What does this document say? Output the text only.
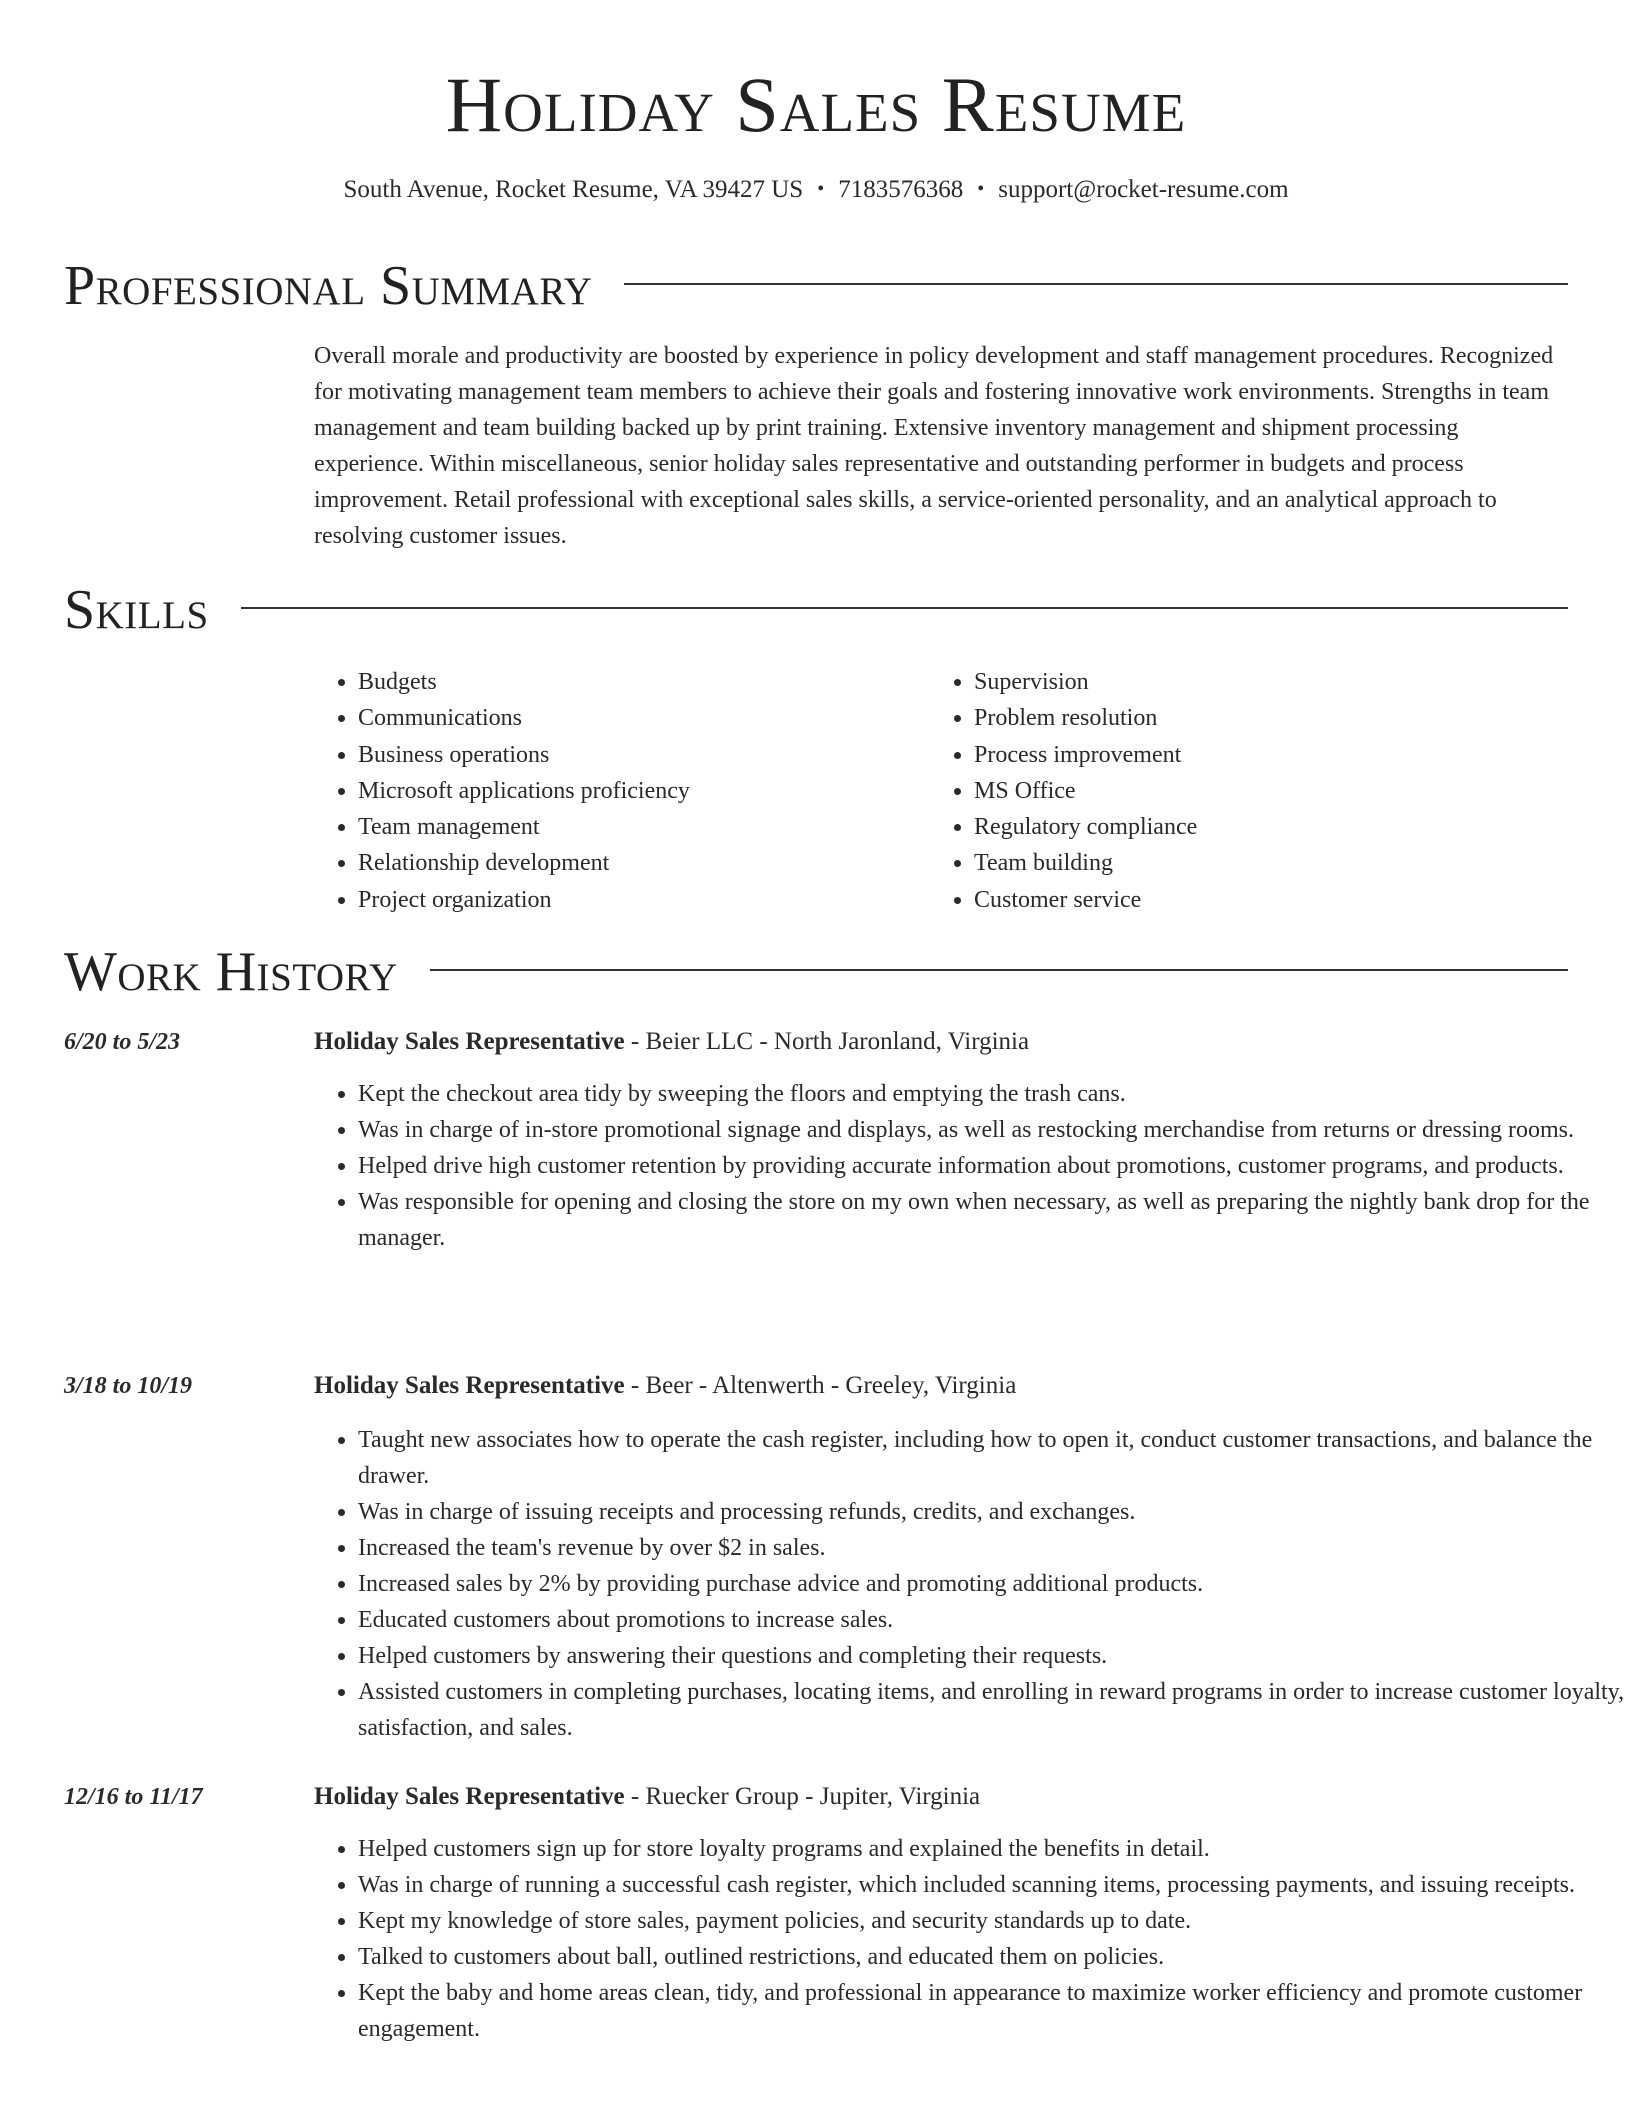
Holiday Sales Resume
South Avenue, Rocket Resume, VA 39427 US • 7183576368 • support@rocket-resume.com
Professional Summary

Overall morale and productivity are boosted by experience in policy development and staff management procedures. Recognized for motivating management team members to achieve their goals and fostering innovative work environments. Strengths in team management and team building backed up by print training. Extensive inventory management and shipment processing experience. Within miscellaneous, senior holiday sales representative and outstanding performer in budgets and process improvement. Retail professional with exceptional sales skills, a service-oriented personality, and an analytical approach to resolving customer issues.

Skills
• Budgets
• Communications
• Business operations
• Microsoft applications proficiency
• Team management
• Relationship development
• Project organization
• Supervision
• Problem resolution
• Process improvement
• MS Office
• Regulatory compliance
• Team building
• Customer service
Work History
6/20 to 5/23	Holiday Sales Representative - Beier LLC - North Jaronland, Virginia
• Kept the checkout area tidy by sweeping the floors and emptying the trash cans.
• Was in charge of in-store promotional signage and displays, as well as restocking merchandise from returns or dressing rooms.
• Helped drive high customer retention by providing accurate information about promotions, customer programs, and products.
• Was responsible for opening and closing the store on my own when necessary, as well as preparing the nightly bank drop for the manager.
3/18 to 10/19	Holiday Sales Representative - Beer - Altenwerth - Greeley, Virginia
• Taught new associates how to operate the cash register, including how to open it, conduct customer transactions, and balance the drawer.
• Was in charge of issuing receipts and processing refunds, credits, and exchanges.
• Increased the team's revenue by over $2 in sales.
• Increased sales by 2% by providing purchase advice and promoting additional products.
• Educated customers about promotions to increase sales.
• Helped customers by answering their questions and completing their requests.
• Assisted customers in completing purchases, locating items, and enrolling in reward programs in order to increase customer loyalty, satisfaction, and sales.
12/16 to 11/17	Holiday Sales Representative - Ruecker Group - Jupiter, Virginia
• Helped customers sign up for store loyalty programs and explained the benefits in detail.
• Was in charge of running a successful cash register, which included scanning items, processing payments, and issuing receipts.
• Kept my knowledge of store sales, payment policies, and security standards up to date.
• Talked to customers about ball, outlined restrictions, and educated them on policies.
• Kept the baby and home areas clean, tidy, and professional in appearance to maximize worker efficiency and promote customer engagement.
